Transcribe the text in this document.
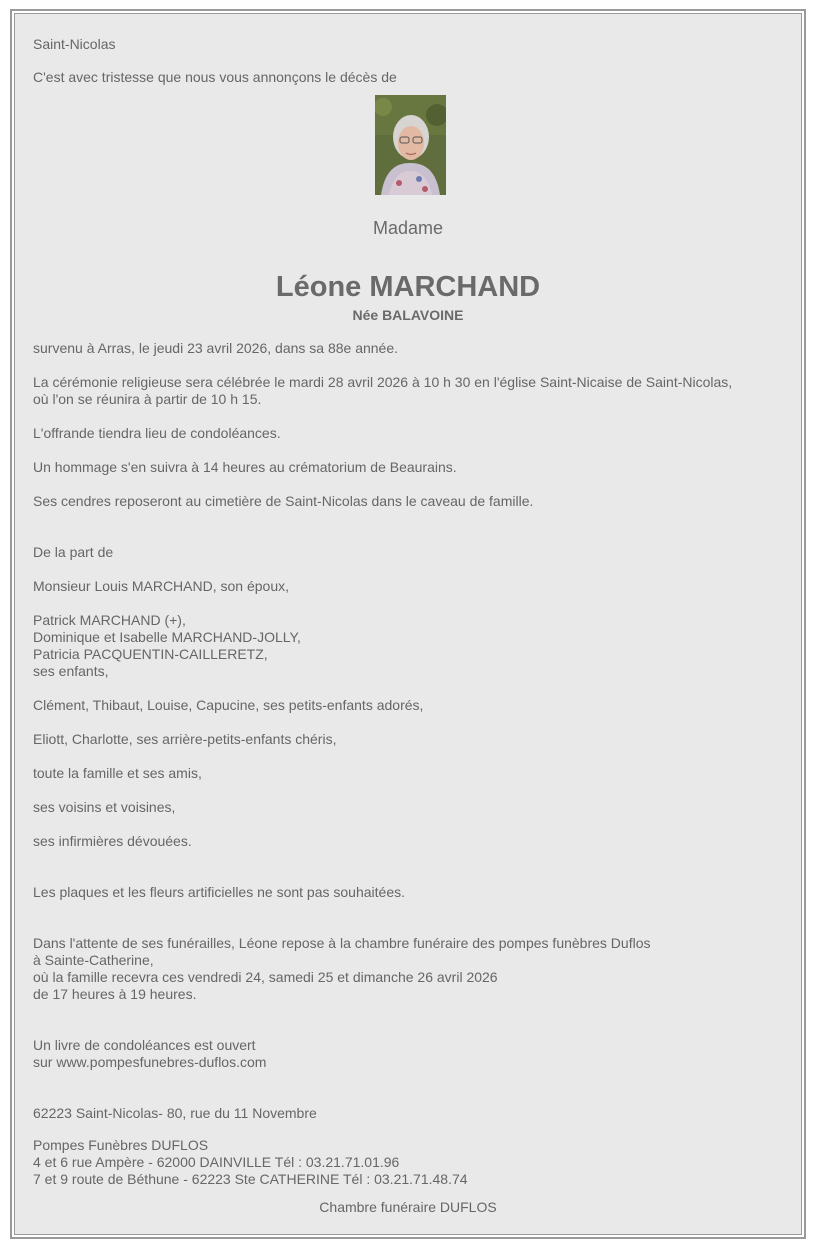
Saint-Nicolas

C'est avec tristesse que nous vous annonçons le décès de

Madame

Léone MARCHAND

Née BALAVOINE

survenu à Arras, le jeudi 23 avril 2026, dans sa 88e année.

La cérémonie religieuse sera célébrée le mardi 28 avril 2026 à 10 h 30 en l'église Saint-Nicaise de Saint-Nicolas,

où l'on se réunira à partir de 10 h 15.

L'offrande tiendra lieu de condoléances.

Un hommage s'en suivra à 14 heures au crématorium de Beaurains.

Ses cendres reposeront au cimetière de Saint-Nicolas dans le caveau de famille.

De la part de

Monsieur Louis MARCHAND, son époux,

Patrick MARCHAND (+),

Dominique et Isabelle MARCHAND-JOLLY,

Patricia PACQUENTIN-CAILLERETZ,

ses enfants,

Clément, Thibaut, Louise, Capucine, ses petits-enfants adorés,

Eliott, Charlotte, ses arrière-petits-enfants chéris,

toute la famille et ses amis,

ses voisins et voisines,

ses infirmières dévouées.

Les plaques et les fleurs artificielles ne sont pas souhaitées.

Dans l'attente de ses funérailles, Léone repose à la chambre funéraire des pompes funèbres Duflos

à Sainte-Catherine,

où la famille recevra ces vendredi 24, samedi 25 et dimanche 26 avril 2026

de 17 heures à 19 heures.

Un livre de condoléances est ouvert

sur www.pompesfunebres-duflos.com

62223 Saint-Nicolas- 80, rue du 11 Novembre

Pompes Funèbres DUFLOS

4 et 6 rue Ampère - 62000 DAINVILLE Tél : 03.21.71.01.96

7 et 9 route de Béthune - 62223 Ste CATHERINE Tél : 03.21.71.48.74

Chambre funéraire DUFLOS
